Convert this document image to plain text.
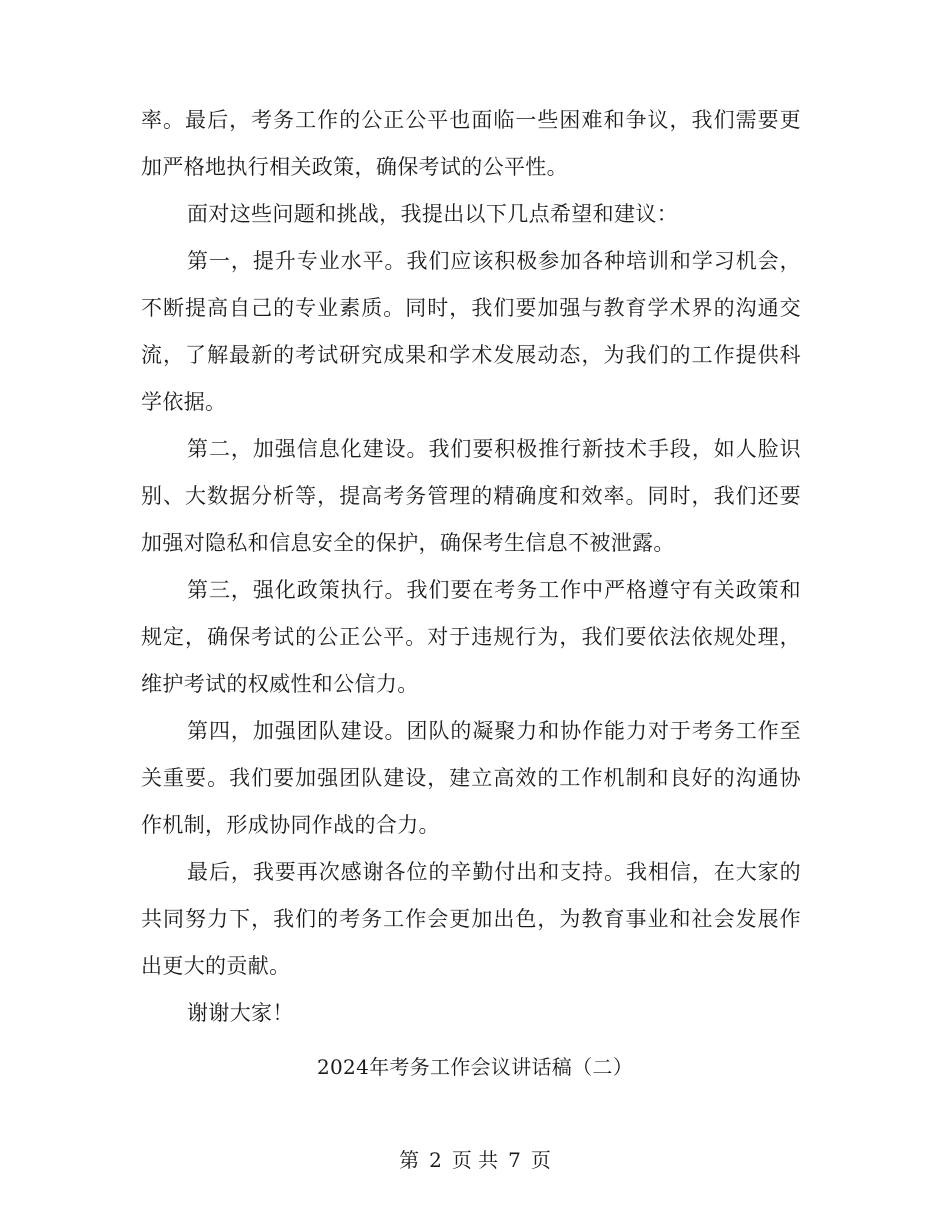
率。最后，考务工作的公正公平也面临一些困难和争议，我们需要更加严格地执行相关政策，确保考试的公平性。

面对这些问题和挑战，我提出以下几点希望和建议：

第一，提升专业水平。我们应该积极参加各种培训和学习机会，不断提高自己的专业素质。同时，我们要加强与教育学术界的沟通交流，了解最新的考试研究成果和学术发展动态，为我们的工作提供科学依据。

第二，加强信息化建设。我们要积极推行新技术手段，如人脸识别、大数据分析等，提高考务管理的精确度和效率。同时，我们还要加强对隐私和信息安全的保护，确保考生信息不被泄露。

第三，强化政策执行。我们要在考务工作中严格遵守有关政策和规定，确保考试的公正公平。对于违规行为，我们要依法依规处理，维护考试的权威性和公信力。

第四，加强团队建设。团队的凝聚力和协作能力对于考务工作至关重要。我们要加强团队建设，建立高效的工作机制和良好的沟通协作机制，形成协同作战的合力。

最后，我要再次感谢各位的辛勤付出和支持。我相信，在大家的共同努力下，我们的考务工作会更加出色，为教育事业和社会发展作出更大的贡献。

谢谢大家！

2024年考务工作会议讲话稿（二）
第 2 页 共 7 页
